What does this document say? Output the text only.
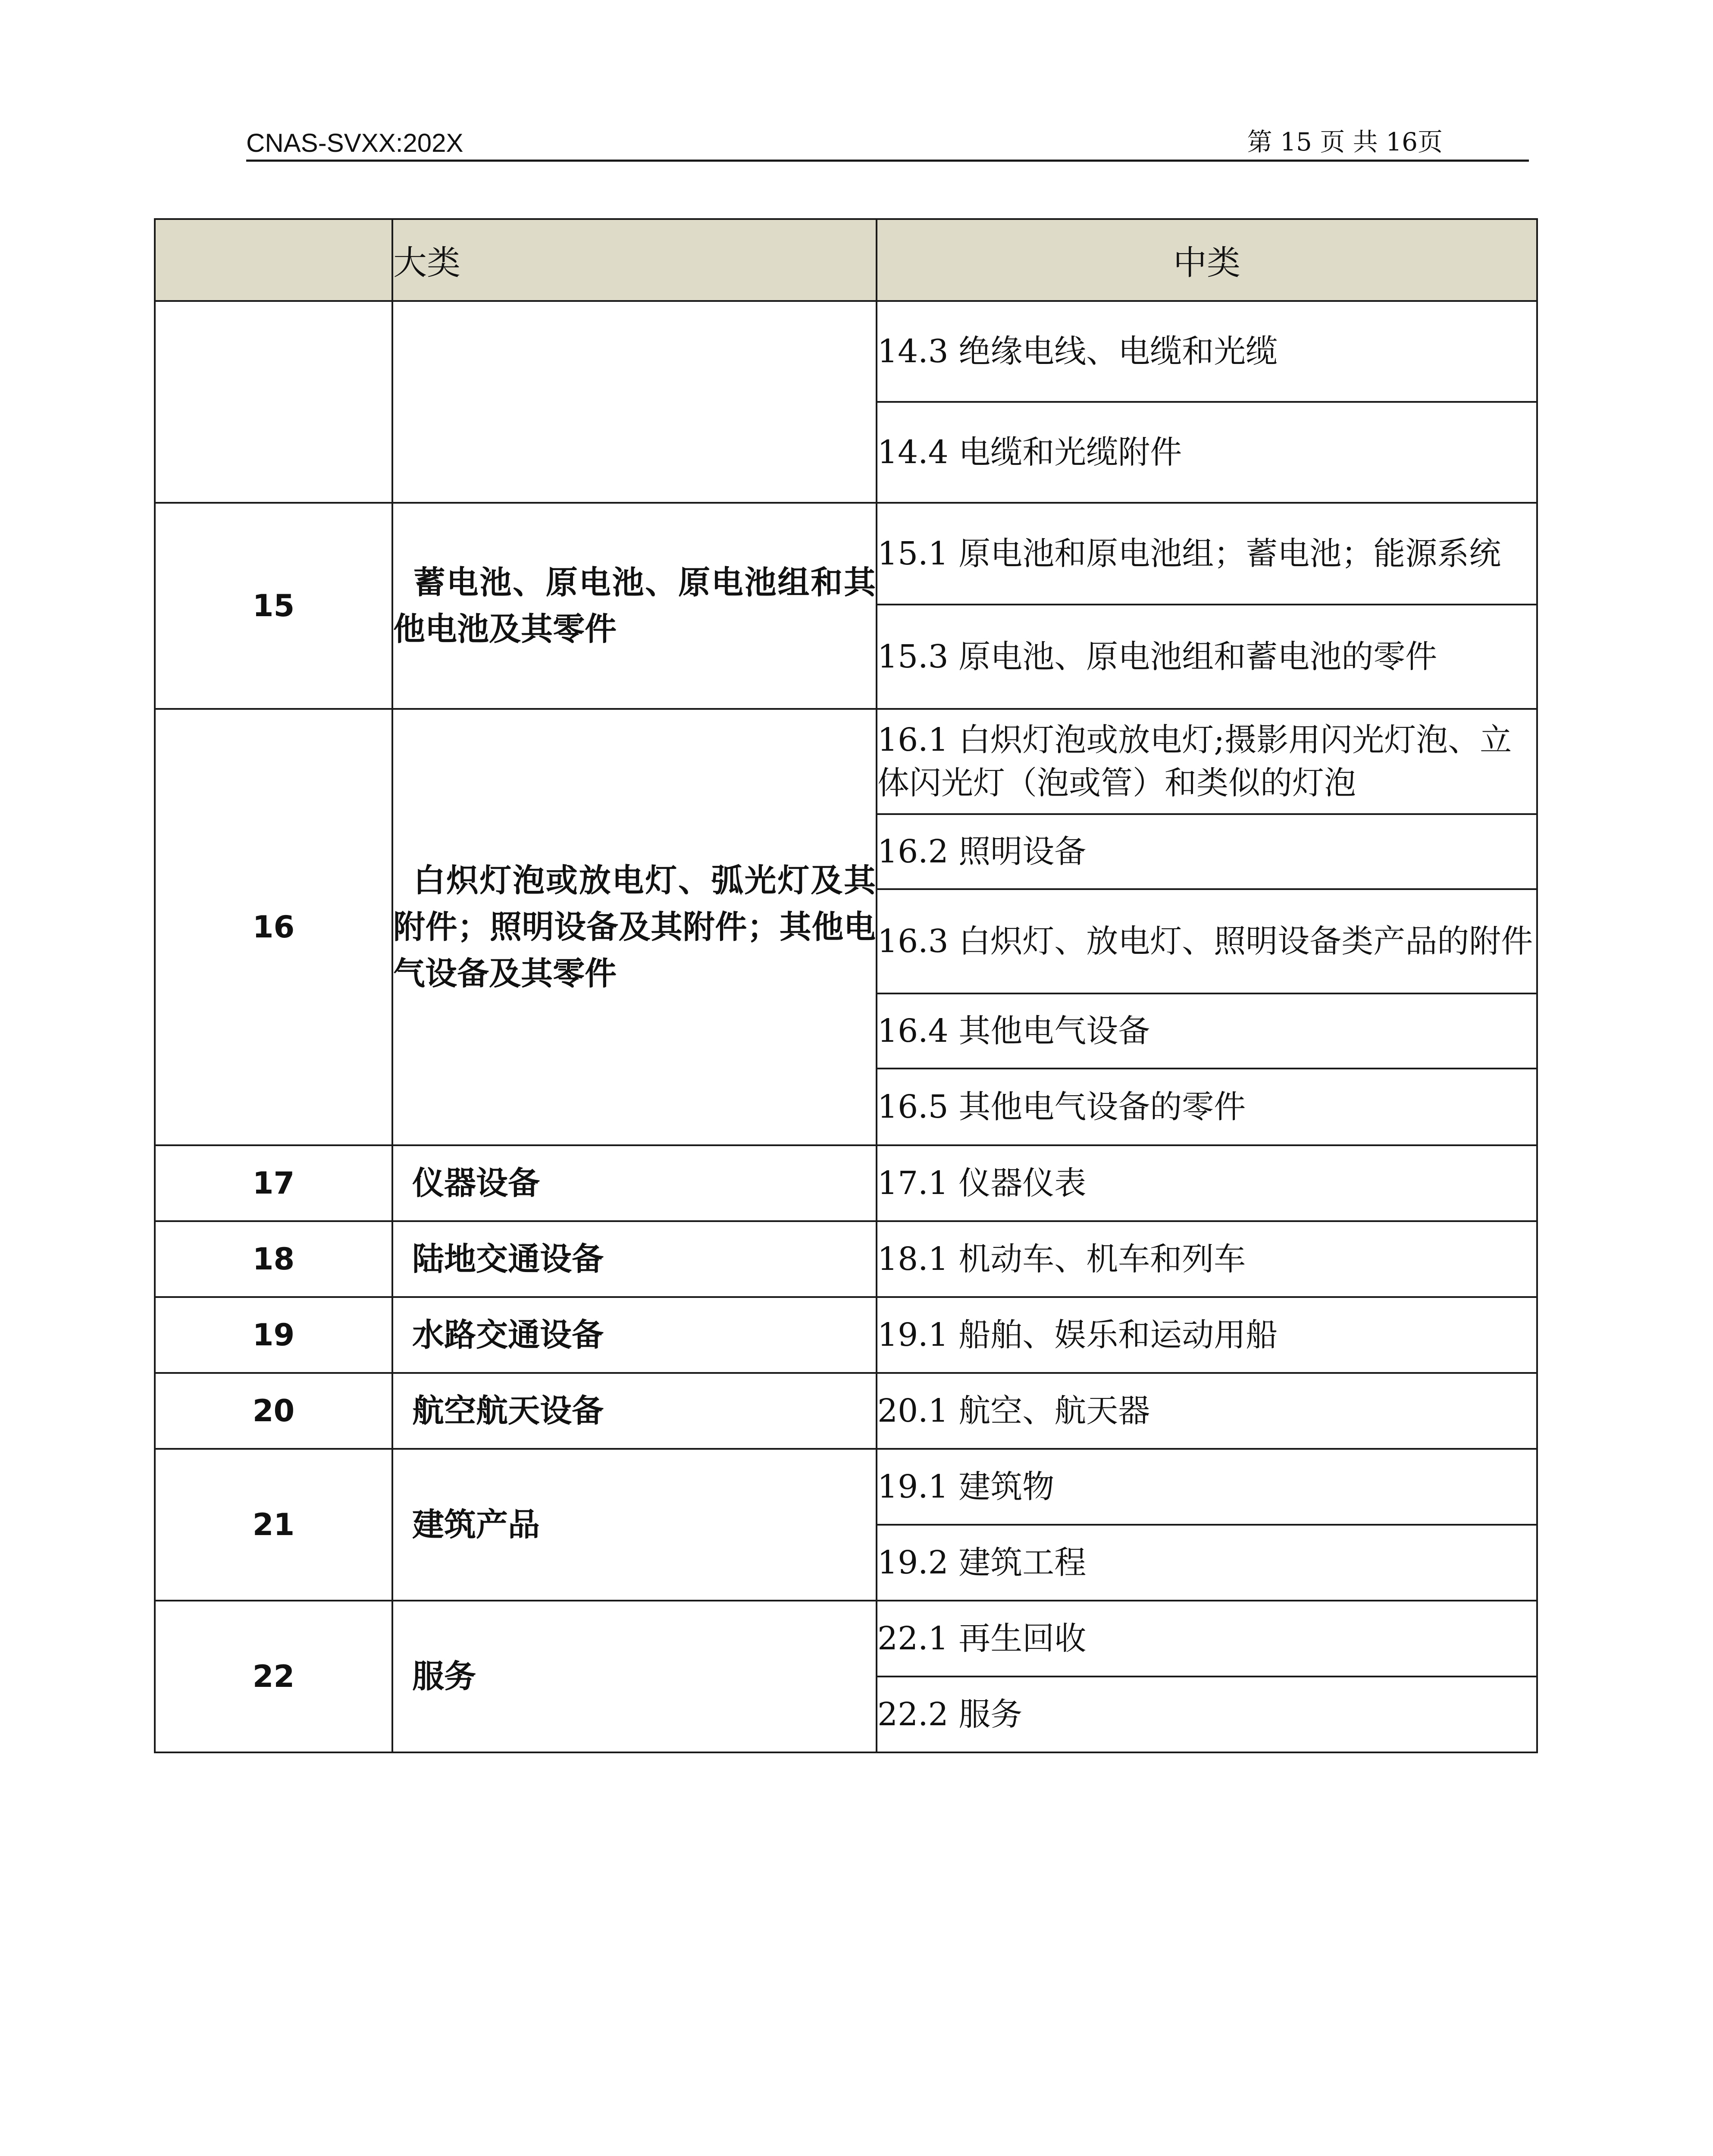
CNAS-SVXX:202X	第 15 页 共 16页
	大类	中类
		14.3 绝缘电线、电缆和光缆
		14.4 电缆和光缆附件
15	蓄电池、原电池、原电池组和其他电池及其零件	15.1 原电池和原电池组；蓄电池；能源系统
		15.3 原电池、原电池组和蓄电池的零件
16	白炽灯泡或放电灯、弧光灯及其附件；照明设备及其附件；其他电气设备及其零件	16.1 白炽灯泡或放电灯;摄影用闪光灯泡、立体闪光灯（泡或管）和类似的灯泡
		16.2 照明设备
		16.3 白炽灯、放电灯、照明设备类产品的附件
		16.4 其他电气设备
		16.5 其他电气设备的零件
17	仪器设备	17.1 仪器仪表
18	陆地交通设备	18.1 机动车、机车和列车
19	水路交通设备	19.1 船舶、娱乐和运动用船
20	航空航天设备	20.1 航空、航天器
21	建筑产品	19.1 建筑物
		19.2 建筑工程
22	服务	22.1 再生回收
		22.2 服务
